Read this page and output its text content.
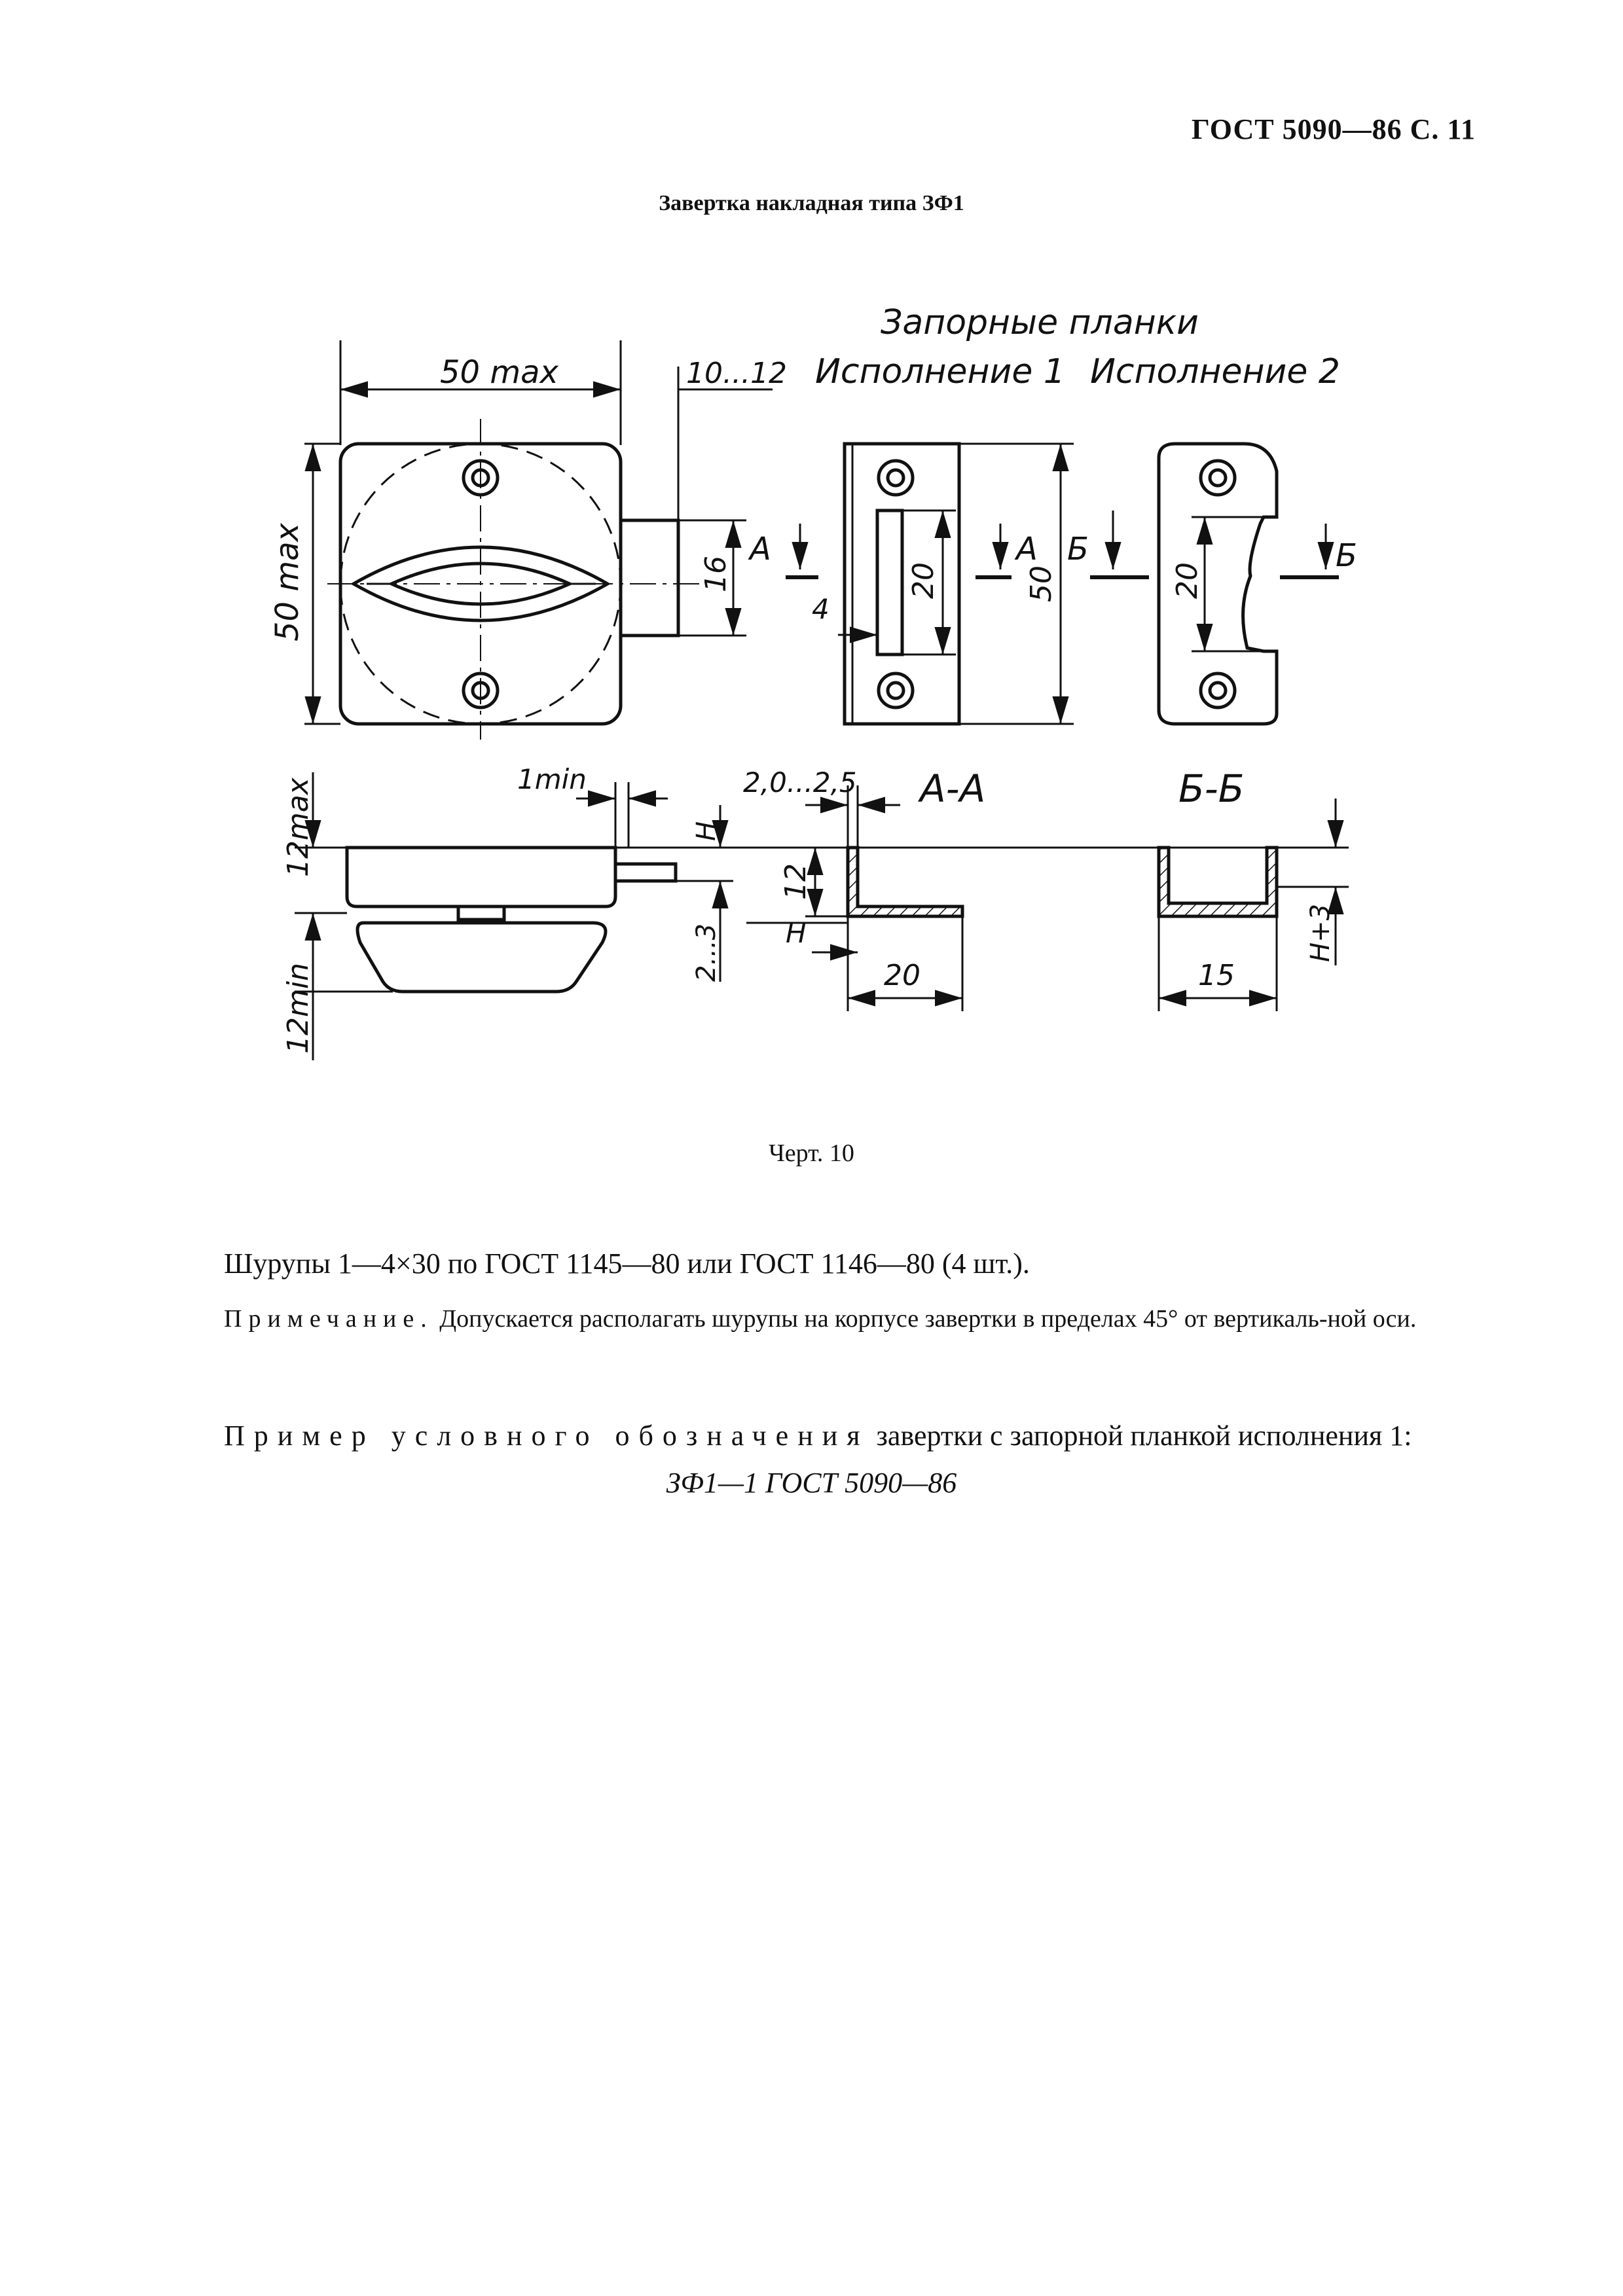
ГОСТ 5090—86 С. 11
Завертка накладная типа ЗФ1
Запорные планки
Исполнение 1 Исполнение 2
50 max	10...12
50 max	16	20
4
50	20
А	А Б	Б
12max
12min
1min
H
2...3
2,0...2,5 А-А	Б-Б
12
H
20	15
H+3
Черт. 10
Шурупы 1—4×30 по ГОСТ 1145—80 или ГОСТ 1146—80 (4 шт.).
Примечание. Допускается располагать шурупы на корпусе завертки в пределах 45° от вертикаль-ной оси.
Пример условного обозначения завертки с запорной планкой исполнения 1:
ЗФ1—1 ГОСТ 5090—86
